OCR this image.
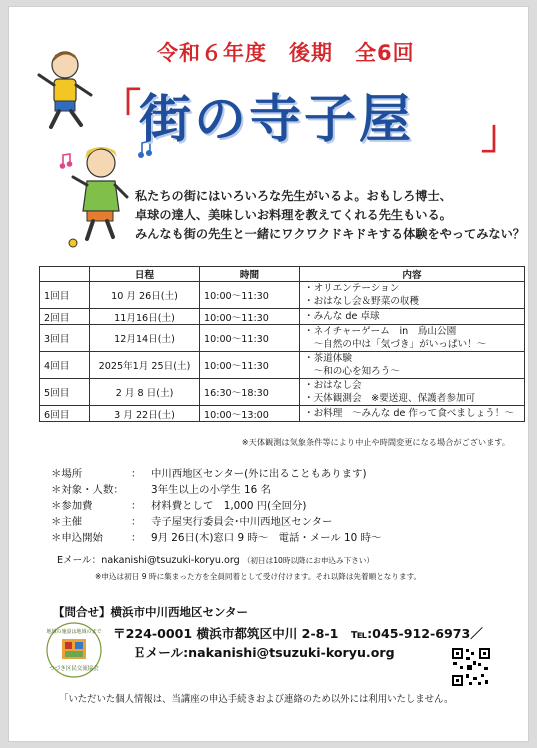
令和６年度　後期　全6回
「
街の寺子屋 」
私たちの街にはいろいろな先生がいるよ。おもしろ博士、
卓球の達人、美味しいお料理を教えてくれる先生もいる。
みんなも街の先生と一緒にワクワクドキドキする体験をやってみない？
	日程	時間	内容
1回目	10 月 26日(土)	10:00～11:30	・オリエンテーション
・おはなし会＆野菜の収穫

2回目	11月16日(土)	10:00～11:30	・みんな de 卓球

3回目	12月14日(土)	10:00～11:30	・ネイチャーゲーム　in　鳥山公園
　～自然の中は「気づき」がいっぱい！～

4回目	2025年1月 25日(土)	10:00～11:30	・茶道体験
　～和の心を知ろう～

5回目	2 月 8 日(土)	16:30～18:30	・おはなし会
・天体観測会　※要送迎、保護者参加可

6回目	3 月 22日(土)	10:00～13:00	・お料理　～みんな de 作って食べましょう！～
※天体観測は気象条件等により中止や時間変更になる場合がございます。
＊場所	： 中川西地区センター(外に出ることもあります)
＊対象・人数：	3年生以上の小学生 16 名
＊参加費	： 材料費として　1,000 円(全回分)
＊主催	： 寺子屋実行委員会･中川西地区センター
＊申込開始	： 9月 26日(木)窓口 9 時～　電話・メール 10 時～
Eメール：nakanishi@tsuzuki-koryu.org （初日は10時以降にお申込み下さい）
※申込は初日 9 時に集まった方を全員同着として受け付けます。それ以降は先着順となります。
【問合せ】横浜市中川西地区センター
地域の施設は地域のまで
つづき区民交流協会
〒224-0001 横浜市都筑区中川 2-8-1　℡:045-912-6973／
Ｅメール:nakanishi@tsuzuki-koryu.org
「いただいた個人情報は、当講座の申込手続きおよび連絡のため以外には利用いたしません。
